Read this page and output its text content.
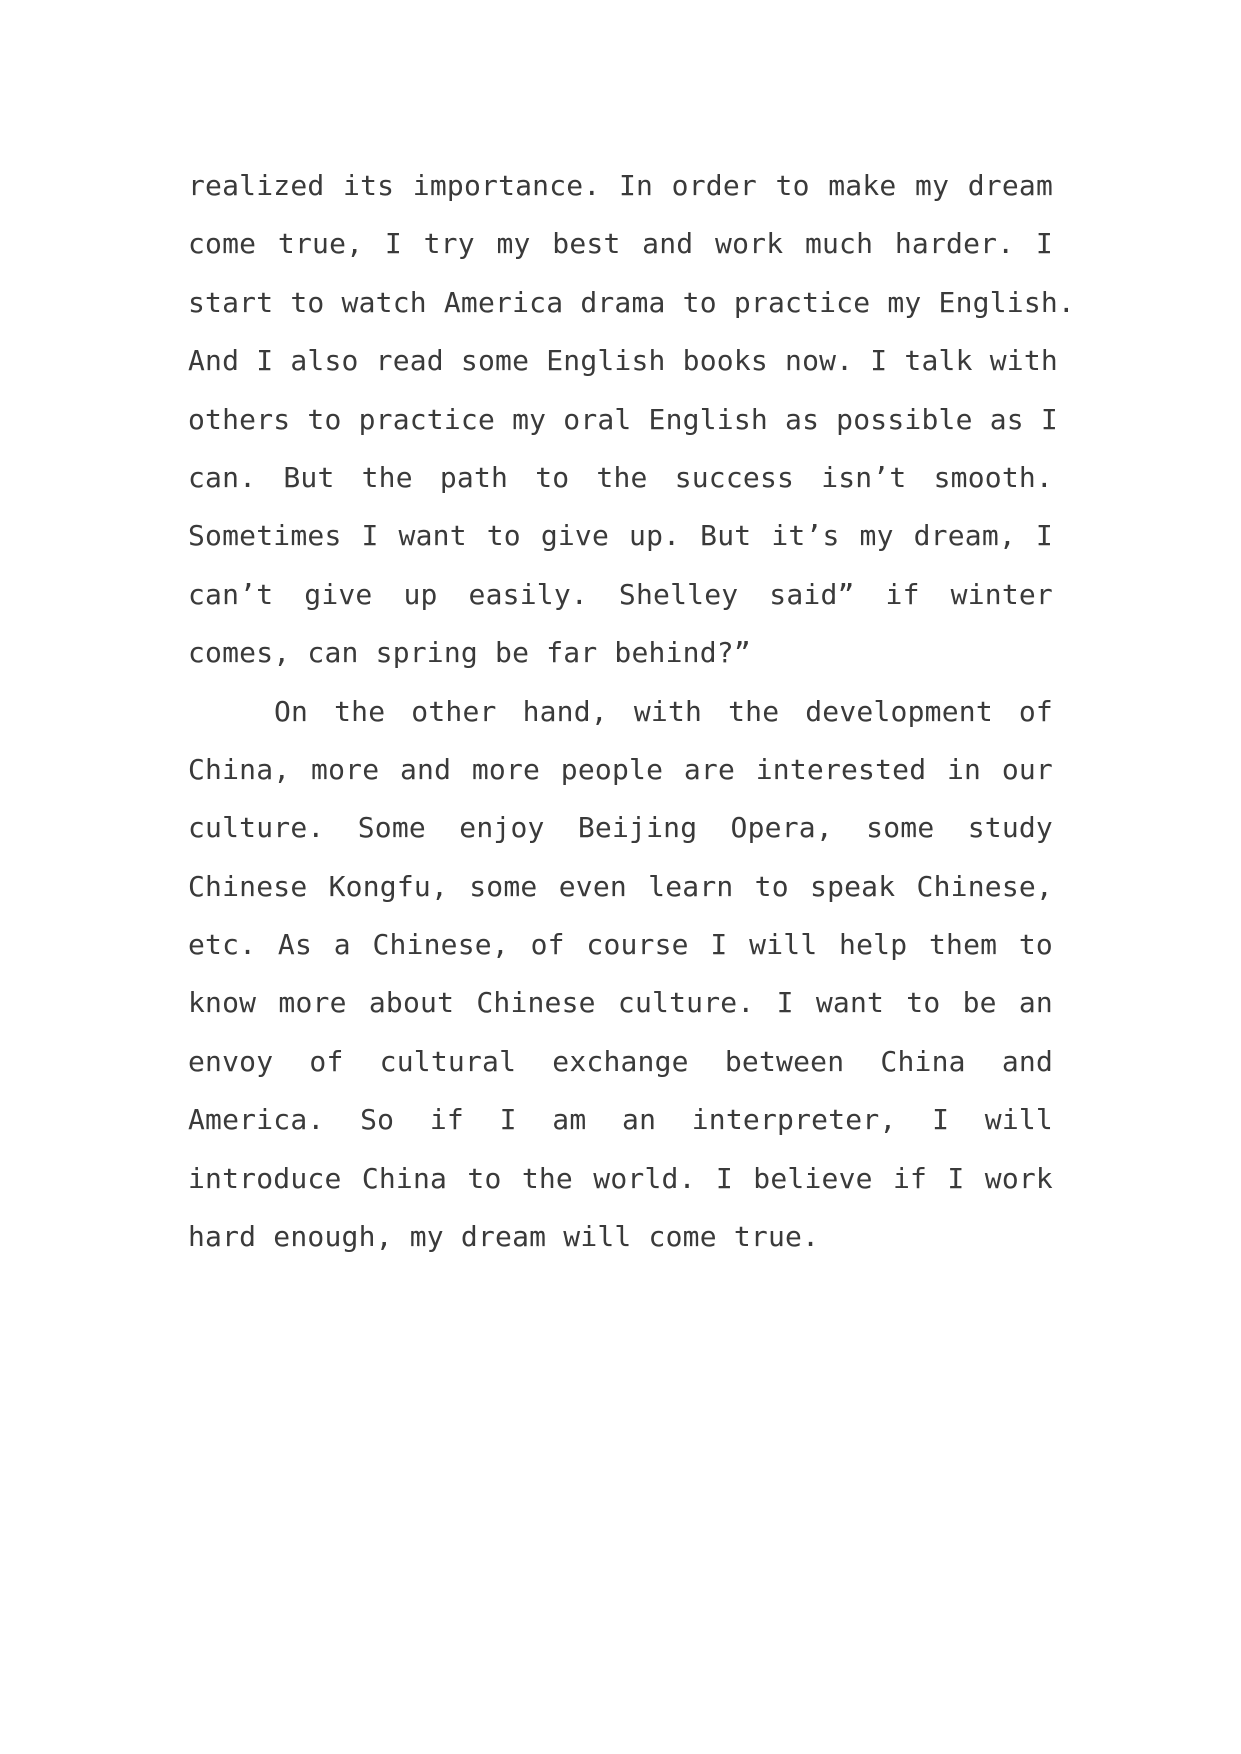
realized its importance. In order to make my dream
come true, I try my best and work much harder. I
start to watch America drama to practice my English.
And I also read some English books now. I talk with
others to practice my oral English as possible as I
can. But the path to the success isn’t smooth.
Sometimes I want to give up. But it’s my dream, I
can’t give up easily. Shelley said” if winter
comes, can spring be far behind?”
On the other hand, with the development of
China, more and more people are interested in our
culture. Some enjoy Beijing Opera, some study
Chinese Kongfu, some even learn to speak Chinese,
etc. As a Chinese, of course I will help them to
know more about Chinese culture. I want to be an
envoy of cultural exchange between China and
America. So if I am an interpreter, I will
introduce China to the world. I believe if I work
hard enough, my dream will come true.
